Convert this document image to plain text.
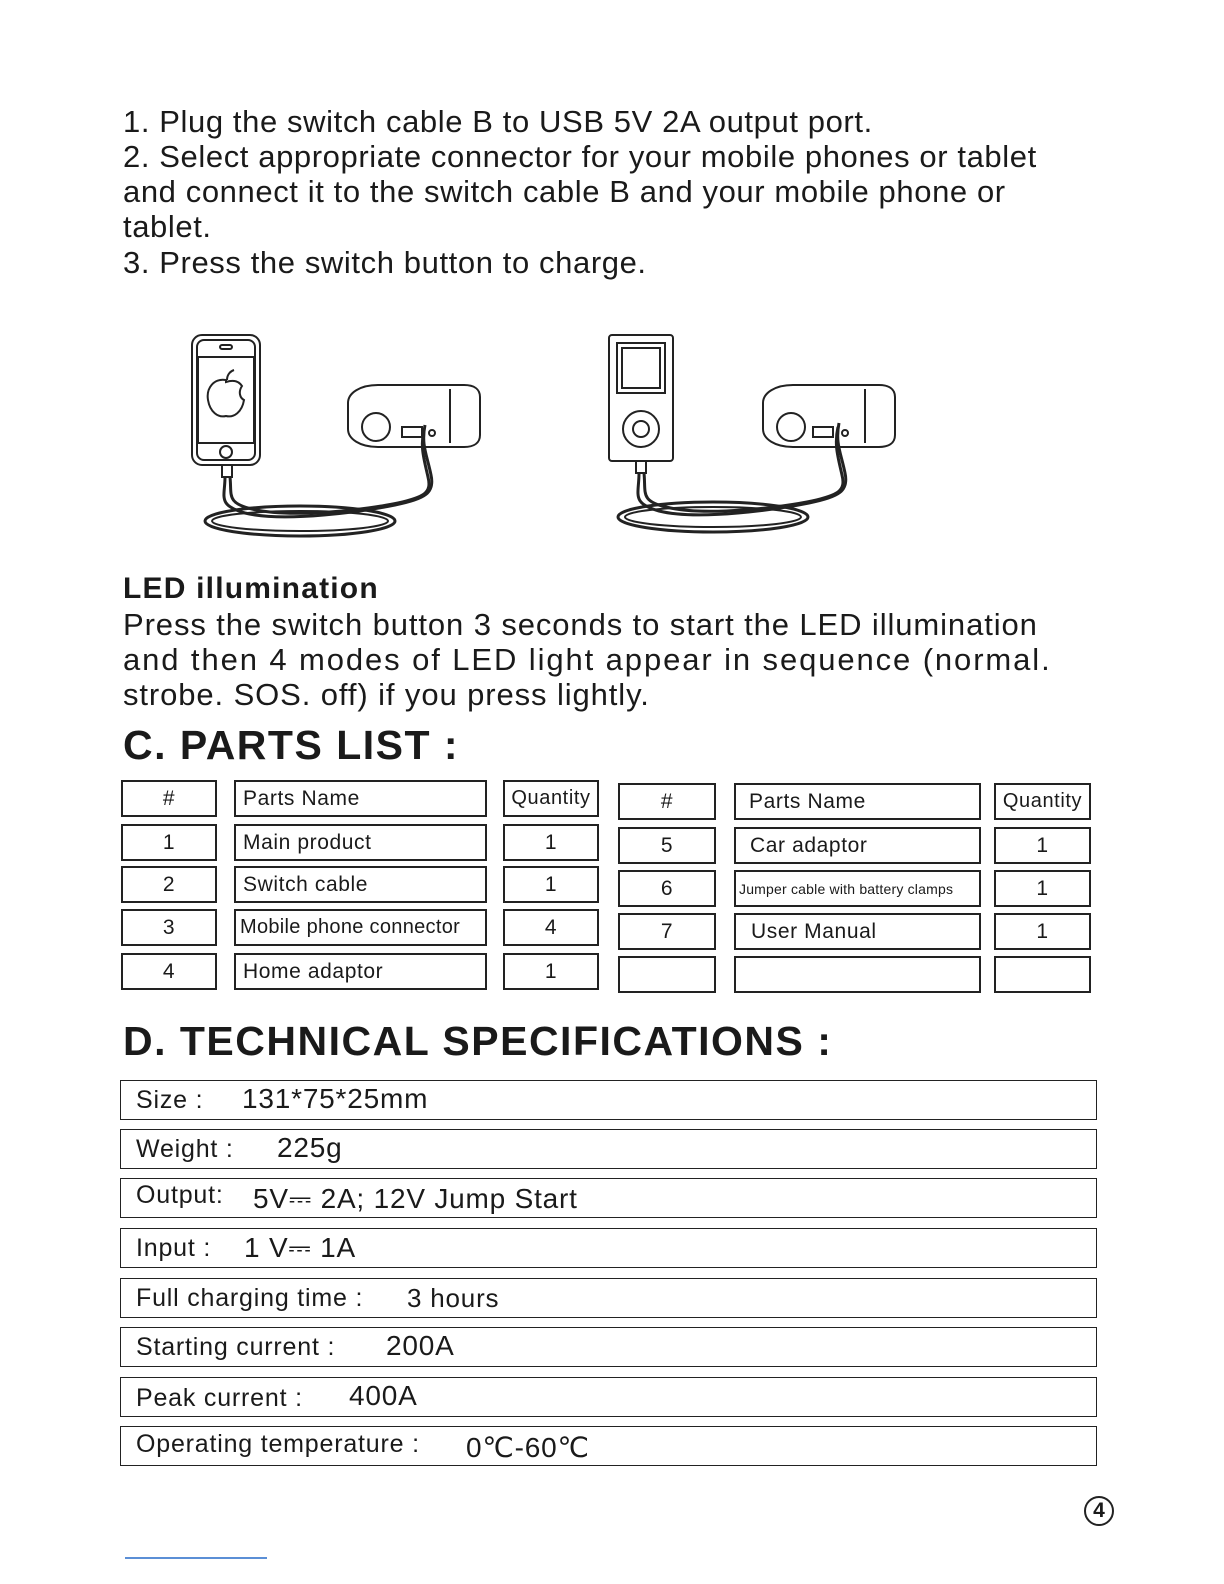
1. Plug the switch cable B to USB 5V 2A output port.
2. Select appropriate connector for your mobile phones or tablet
and connect it to the switch cable B and your mobile phone or
tablet.
3. Press the switch button to charge.
LED illumination
Press the switch button 3 seconds to start the LED illumination
and then 4 modes of LED light appear in sequence (normal.
strobe. SOS. off) if you press lightly.
C. PARTS LIST :
#	Parts Name	Quantity
1	Main product	1
2	Switch cable	1
3	Mobile phone connector	4
4	Home adaptor	1
#	Parts Name	Quantity
5	Car adaptor	1
6	Jumper cable with battery clamps	1
7	User Manual	1
D. TECHNICAL SPECIFICATIONS :
Size : 131*75*25mm
Weight : 225g
Output: 5V⎓ 2A; 12V Jump Start
Input : 1 V⎓ 1A
Full charging time : 3 hours
Starting current : 200A
Peak current : 400A
Operating temperature : 0℃-60℃
4
